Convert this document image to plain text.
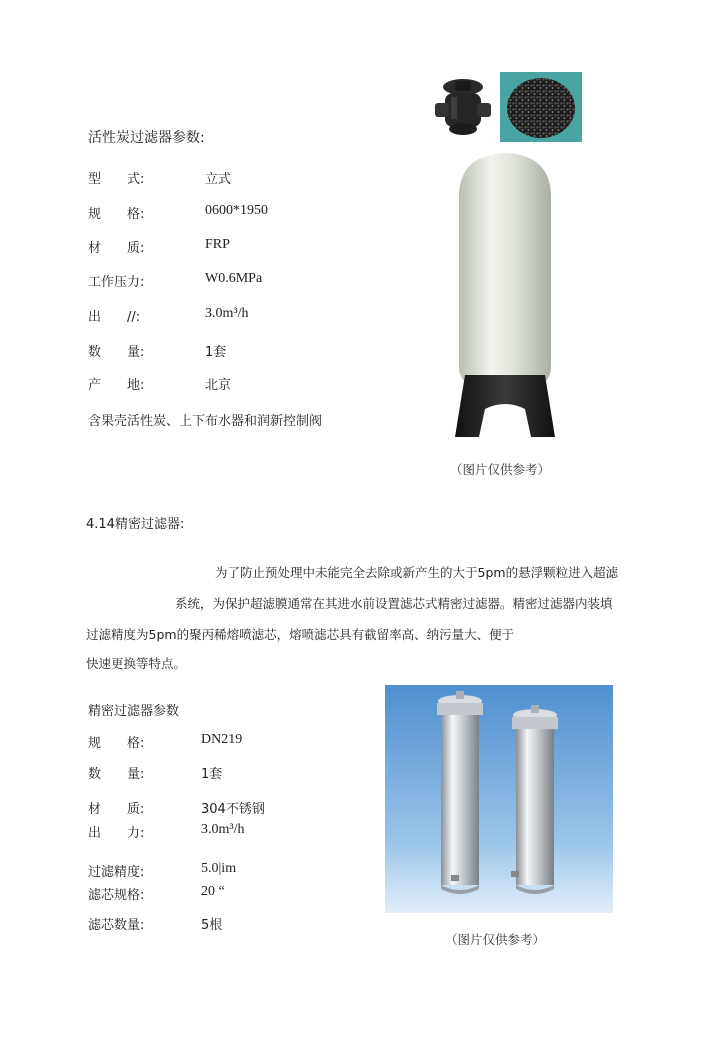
活性炭过滤器参数:
型　　式:	立式
规　　格:	0600*1950
材　　质:	FRP
工作压力:	W0.6MPa
出　　//:	3.0m³/h
数　　量:	1套
产　　地:	北京
含果壳活性炭、上下布水器和润新控制阀
（图片仅供参考）
4.14精密过滤器:
为了防止预处理中未能完全去除或新产生的大于5pm的悬浮颗粒进入超滤
系统，为保护超滤膜通常在其进水前设置滤芯式精密过滤器。精密过滤器内装填
过滤精度为5pm的聚丙稀熔喷滤芯，熔喷滤芯具有截留率高、纳污量大、便于
快速更换等特点。
精密过滤器参数
规　　格:	DN219
数　　量:	1套
材　　质:	304不锈钢
出　　力:	3.0m³/h
过滤精度:	5.0|im
滤芯规格:	20 “
滤芯数量:	5根
（图片仅供参考）
